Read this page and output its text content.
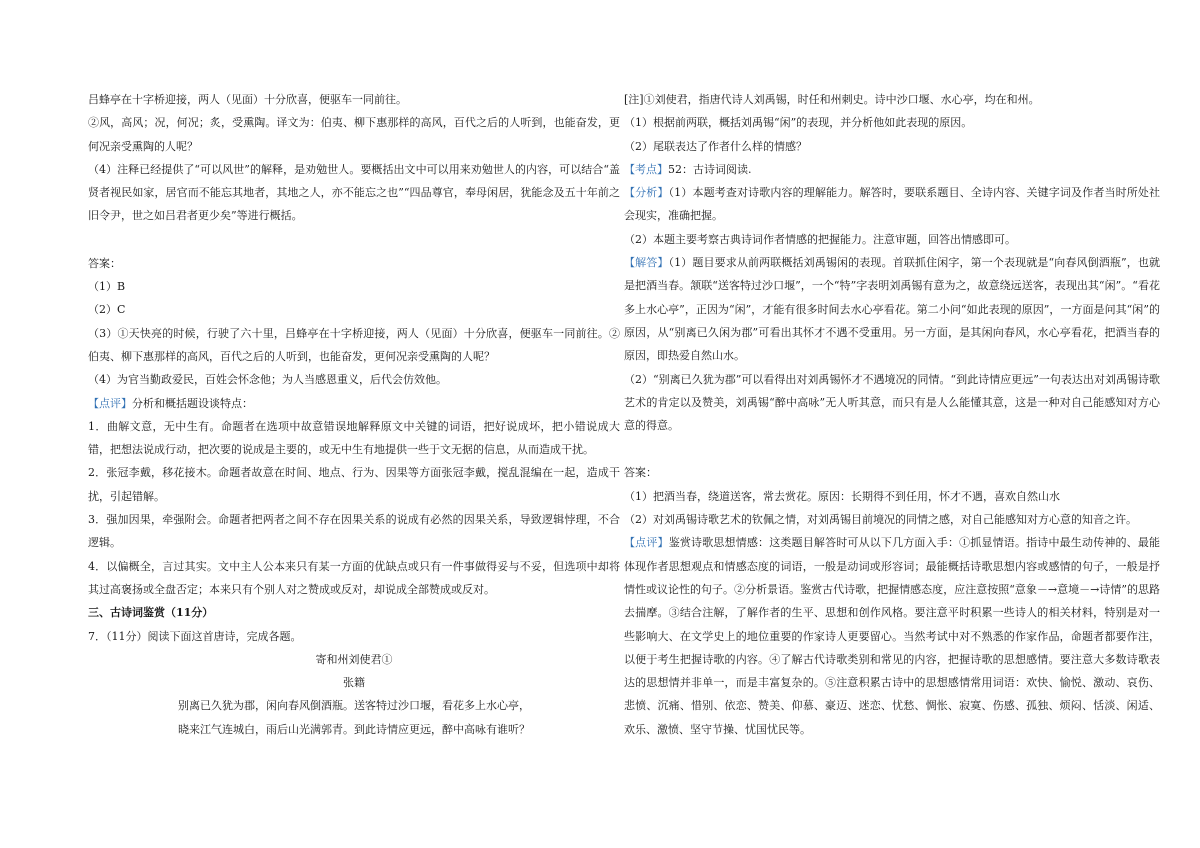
吕蜂亭在十字桥迎接，两人（见面）十分欣喜，便驱车一同前往。

②风，高风；况，何况；炙，受熏陶。译文为：伯夷、柳下惠那样的高风，百代之后的人听到，也能奋发，更何况亲受熏陶的人呢？

（4）注释已经提供了“可以风世”的解释，是劝勉世人。要概括出文中可以用来劝勉世人的内容，可以结合“盖贤者视民如家，居官而不能忘其地者，其地之人，亦不能忘之也”“四品尊官，奉母闲居，犹能念及五十年前之旧令尹，世之如吕君者更少矣”等进行概括。

答案：

（1）B

（2）C

（3）①天快亮的时候，行驶了六十里，吕蜂亭在十字桥迎接，两人（见面）十分欣喜，便驱车一同前往。②伯夷、柳下惠那样的高风，百代之后的人听到，也能奋发，更何况亲受熏陶的人呢？

（4）为官当勤政爱民，百姓会怀念他；为人当感恩重义，后代会仿效他。

【点评】分析和概括题设谈特点：

1．曲解文意，无中生有。命题者在选项中故意错误地解释原文中关键的词语，把好说成坏，把小错说成大错，把想法说成行动，把次要的说成是主要的，或无中生有地提供一些于文无据的信息，从而造成干扰。

2．张冠李戴，移花接木。命题者故意在时间、地点、行为、因果等方面张冠李戴，搅乱混编在一起，造成干扰，引起错解。

3．强加因果，牵强附会。命题者把两者之间不存在因果关系的说成有必然的因果关系，导致逻辑悖理，不合逻辑。

4．以偏概全，言过其实。文中主人公本来只有某一方面的优缺点或只有一件事做得妥与不妥，但选项中却将其过高褒扬或全盘否定；本来只有个别人对之赞成或反对，却说成全部赞成或反对。

三、古诗词鉴赏（11分）

7．（11分）阅读下面这首唐诗，完成各题。

寄和州刘使君①

张籍

别离已久犹为郡，闲向春风倒酒瓶。送客特过沙口堰，看花多上水心亭，

晓来江气连城白，雨后山光满郭青。到此诗情应更远，醉中高咏有谁听？

[注]①刘使君，指唐代诗人刘禹锡，时任和州刺史。诗中沙口堰、水心亭，均在和州。

（1）根据前两联，概括刘禹锡“闲”的表现，并分析他如此表现的原因。

（2）尾联表达了作者什么样的情感？

【考点】52：古诗词阅读.

【分析】（1）本题考查对诗歌内容的理解能力。解答时，要联系题目、全诗内容、关键字词及作者当时所处社会现实，准确把握。

（2）本题主要考察古典诗词作者情感的把握能力。注意审题，回答出情感即可。

【解答】（1）题目要求从前两联概括刘禹锡闲的表现。首联抓住闲字，第一个表现就是“向春风倒酒瓶”，也就是把酒当春。颔联“送客特过沙口堰”，一个“特”字表明刘禹锡有意为之，故意绕远送客，表现出其“闲”。“看花多上水心亭”，正因为“闲”，才能有很多时间去水心亭看花。第二小问“如此表现的原因”，一方面是问其“闲”的原因，从“别离已久闲为郡”可看出其怀才不遇不受重用。另一方面，是其闲向春风，水心亭看花，把酒当春的原因，即热爱自然山水。

（2）“别离已久犹为郡”可以看得出对刘禹锡怀才不遇境况的同情。“到此诗情应更远”一句表达出对刘禹锡诗歌艺术的肯定以及赞美，刘禹锡“醉中高咏”无人听其意，而只有是人么能懂其意，这是一种对自己能感知对方心意的得意。

答案：

（1）把酒当春，绕道送客，常去赏花。原因：长期得不到任用，怀才不遇，喜欢自然山水

（2）对刘禹锡诗歌艺术的钦佩之情，对刘禹锡目前境况的同情之感，对自己能感知对方心意的知音之许。

【点评】鉴赏诗歌思想情感：这类题目解答时可从以下几方面入手：①抓显情语。指诗中最生动传神的、最能体现作者思想观点和情感态度的词语，一般是动词或形容词；最能概括诗歌思想内容或感情的句子，一般是抒情性或议论性的句子。②分析景语。鉴赏古代诗歌，把握情感态度，应注意按照“意象－→意境－→诗情”的思路去揣摩。③结合注解，了解作者的生平、思想和创作风格。要注意平时积累一些诗人的相关材料，特别是对一些影响大、在文学史上的地位重要的作家诗人更要留心。当然考试中对不熟悉的作家作品，命题者都要作注，以便于考生把握诗歌的内容。④了解古代诗歌类别和常见的内容，把握诗歌的思想感情。要注意大多数诗歌表达的思想情并非单一，而是丰富复杂的。⑤注意积累古诗中的思想感情常用词语：欢快、愉悦、激动、哀伤、悲愤、沉痛、惜别、依恋、赞美、仰慕、豪迈、迷恋、忧愁、惆怅、寂寞、伤感、孤独、烦闷、恬淡、闲适、欢乐、激愤、坚守节操、忧国忧民等。
